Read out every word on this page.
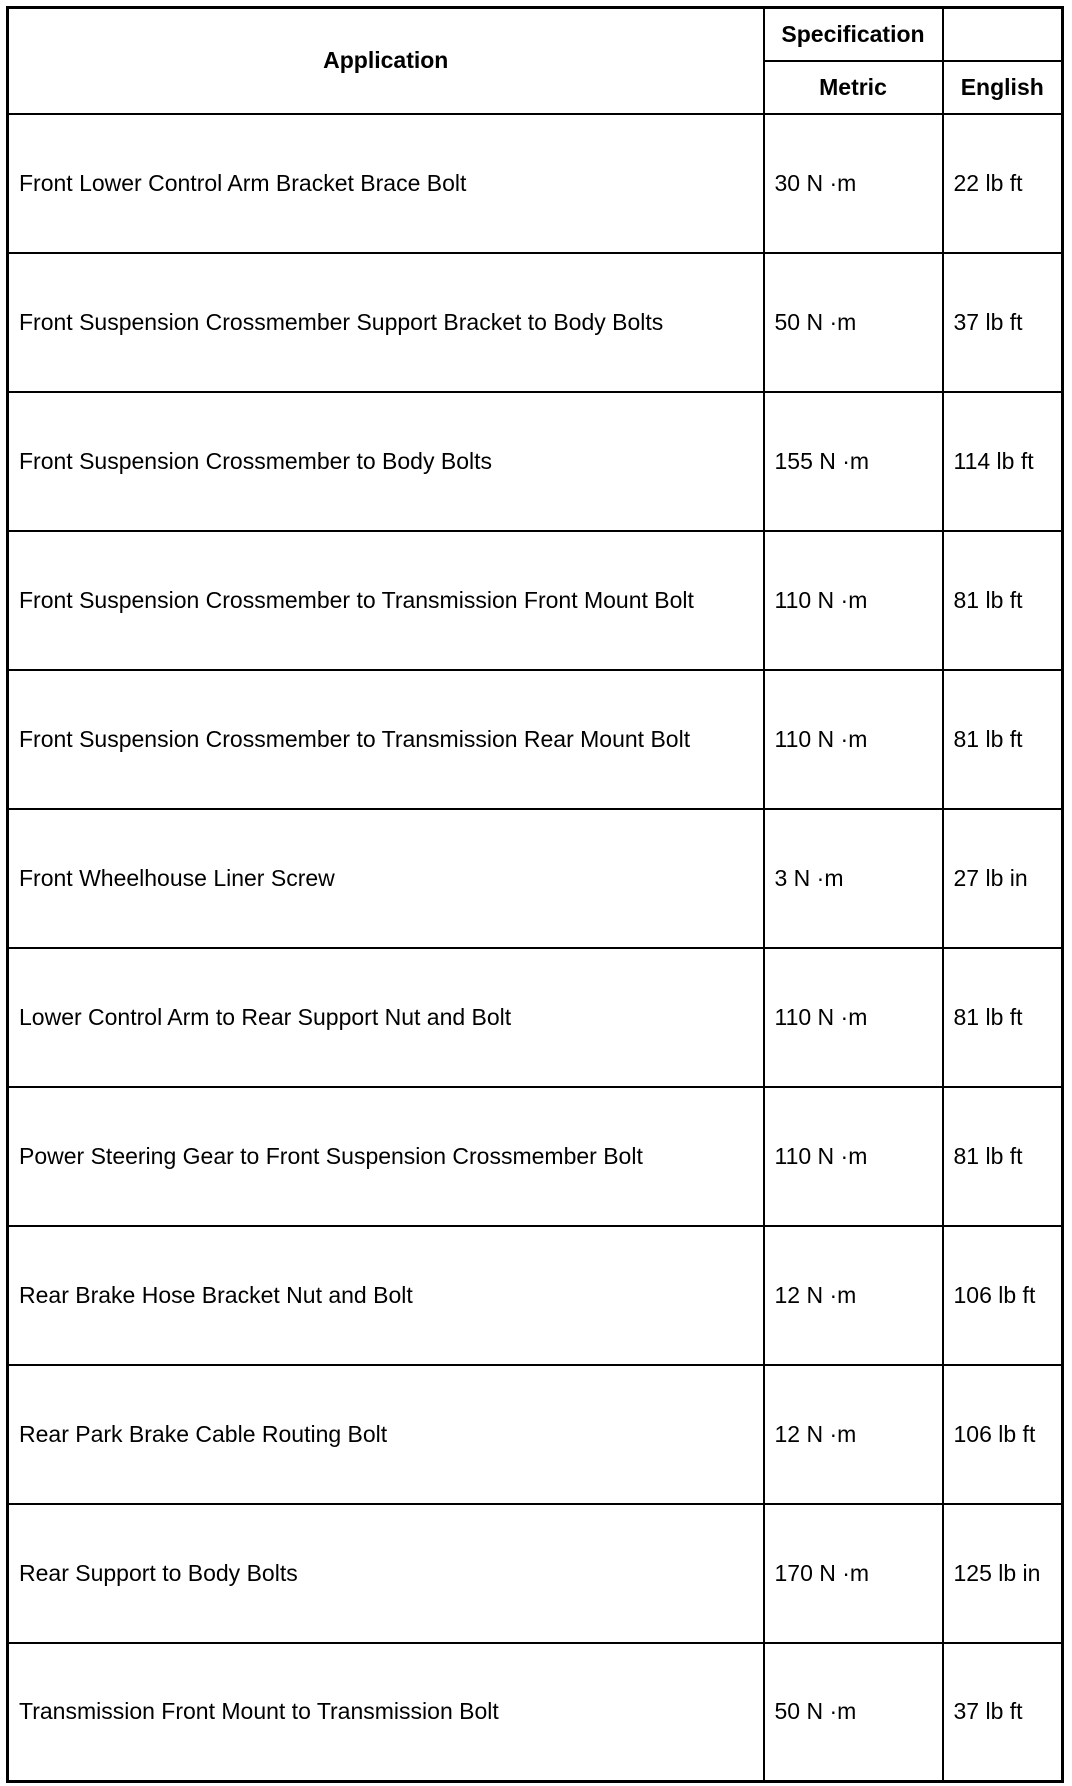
Application	Specification	
	Metric	English
Front Lower Control Arm Bracket Brace Bolt	30 N ·m	22 lb ft
Front Suspension Crossmember Support Bracket to Body Bolts	50 N ·m	37 lb ft
Front Suspension Crossmember to Body Bolts	155 N ·m	114 lb ft
Front Suspension Crossmember to Transmission Front Mount Bolt	110 N ·m	81 lb ft
Front Suspension Crossmember to Transmission Rear Mount Bolt	110 N ·m	81 lb ft
Front Wheelhouse Liner Screw	3 N ·m	27 lb in
Lower Control Arm to Rear Support Nut and Bolt	110 N ·m	81 lb ft
Power Steering Gear to Front Suspension Crossmember Bolt	110 N ·m	81 lb ft
Rear Brake Hose Bracket Nut and Bolt	12 N ·m	106 lb ft
Rear Park Brake Cable Routing Bolt	12 N ·m	106 lb ft
Rear Support to Body Bolts	170 N ·m	125 lb in
Transmission Front Mount to Transmission Bolt	50 N ·m	37 lb ft
